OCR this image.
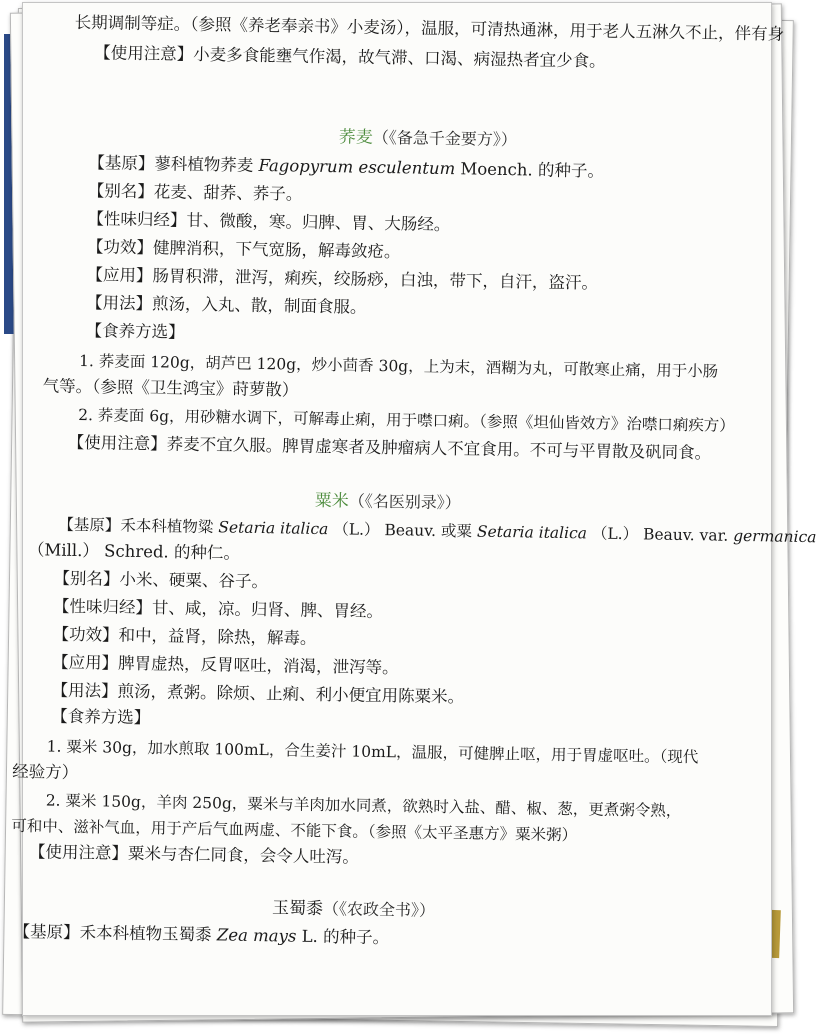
长期调制等症。（参照《养老奉亲书》小麦汤），温服，可清热通淋，用于老人五淋久不止，伴有身
【使用注意】小麦多食能壅气作渴，故气滞、口渴、病湿热者宜少食。
荞麦（《备急千金要方》）
【基原】蓼科植物荞麦 Fagopyrum esculentum Moench. 的种子。
【别名】花麦、甜荞、荞子。
【性味归经】甘、微酸，寒。归脾、胃、大肠经。
【功效】健脾消积，下气宽肠，解毒敛疮。
【应用】肠胃积滞，泄泻，痢疾，绞肠痧，白浊，带下，自汗，盗汗。
【用法】煎汤，入丸、散，制面食服。
【食养方选】
1. 荞麦面 120g，胡芦巴 120g，炒小茴香 30g，上为末，酒糊为丸，可散寒止痛，用于小肠
气等。（参照《卫生鸿宝》莳萝散）
2. 荞麦面 6g，用砂糖水调下，可解毒止痢，用于噤口痢。（参照《坦仙皆效方》治噤口痢疾方）
【使用注意】荞麦不宜久服。脾胃虚寒者及肿瘤病人不宜食用。不可与平胃散及矾同食。
粟米（《名医别录》）
【基原】禾本科植物粱 Setaria italica （L.） Beauv. 或粟 Setaria italica （L.） Beauv. var. germanica
（Mill.） Schred. 的种仁。
【别名】小米、硬粟、谷子。
【性味归经】甘、咸，凉。归肾、脾、胃经。
【功效】和中，益肾，除热，解毒。
【应用】脾胃虚热，反胃呕吐，消渴，泄泻等。
【用法】煎汤，煮粥。除烦、止痢、利小便宜用陈粟米。
【食养方选】
1. 粟米 30g，加水煎取 100mL，合生姜汁 10mL，温服，可健脾止呕，用于胃虚呕吐。（现代
经验方）
2. 粟米 150g，羊肉 250g，粟米与羊肉加水同煮，欲熟时入盐、醋、椒、葱，更煮粥令熟，
可和中、滋补气血，用于产后气血两虚、不能下食。（参照《太平圣惠方》粟米粥）
【使用注意】粟米与杏仁同食，会令人吐泻。
玉蜀黍（《农政全书》）
【基原】禾本科植物玉蜀黍 Zea mays L. 的种子。
